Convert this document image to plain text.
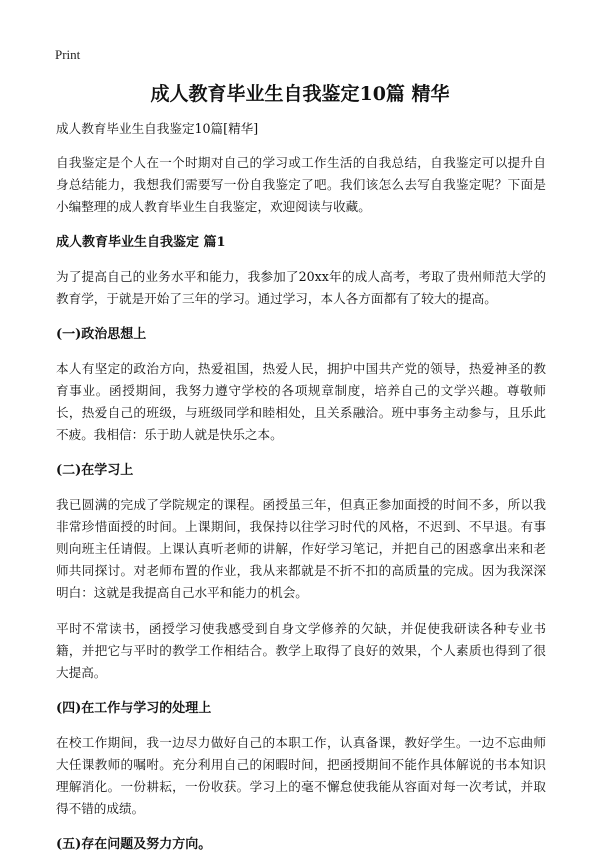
Print
成人教育毕业生自我鉴定10篇 精华

成人教育毕业生自我鉴定10篇[精华]

自我鉴定是个人在一个时期对自己的学习或工作生活的自我总结，自我鉴定可以提升自身总结能力，我想我们需要写一份自我鉴定了吧。我们该怎么去写自我鉴定呢？下面是小编整理的成人教育毕业生自我鉴定，欢迎阅读与收藏。

成人教育毕业生自我鉴定 篇1

为了提高自己的业务水平和能力，我参加了20xx年的成人高考，考取了贵州师范大学的教育学，于就是开始了三年的学习。通过学习，本人各方面都有了较大的提高。

(一)政治思想上

本人有坚定的政治方向，热爱祖国，热爱人民，拥护中国共产党的领导，热爱神圣的教育事业。函授期间，我努力遵守学校的各项规章制度，培养自己的文学兴趣。尊敬师长，热爱自己的班级，与班级同学和睦相处，且关系融洽。班中事务主动参与，且乐此不疲。我相信：乐于助人就是快乐之本。

(二)在学习上

我已圆满的完成了学院规定的课程。函授虽三年，但真正参加面授的时间不多，所以我非常珍惜面授的时间。上课期间，我保持以往学习时代的风格，不迟到、不早退。有事则向班主任请假。上课认真听老师的讲解，作好学习笔记，并把自己的困惑拿出来和老师共同探讨。对老师布置的作业，我从来都就是不折不扣的高质量的完成。因为我深深明白：这就是我提高自己水平和能力的机会。

平时不常读书，函授学习使我感受到自身文学修养的欠缺，并促使我研读各种专业书籍，并把它与平时的教学工作相结合。教学上取得了良好的效果，个人素质也得到了很大提高。

(四)在工作与学习的处理上

在校工作期间，我一边尽力做好自己的本职工作，认真备课，教好学生。一边不忘曲师大任课教师的嘱咐。充分利用自己的闲暇时间，把函授期间不能作具体解说的书本知识理解消化。一份耕耘，一份收获。学习上的毫不懈怠使我能从容面对每一次考试，并取得不错的成绩。

(五)存在问题及努力方向。
